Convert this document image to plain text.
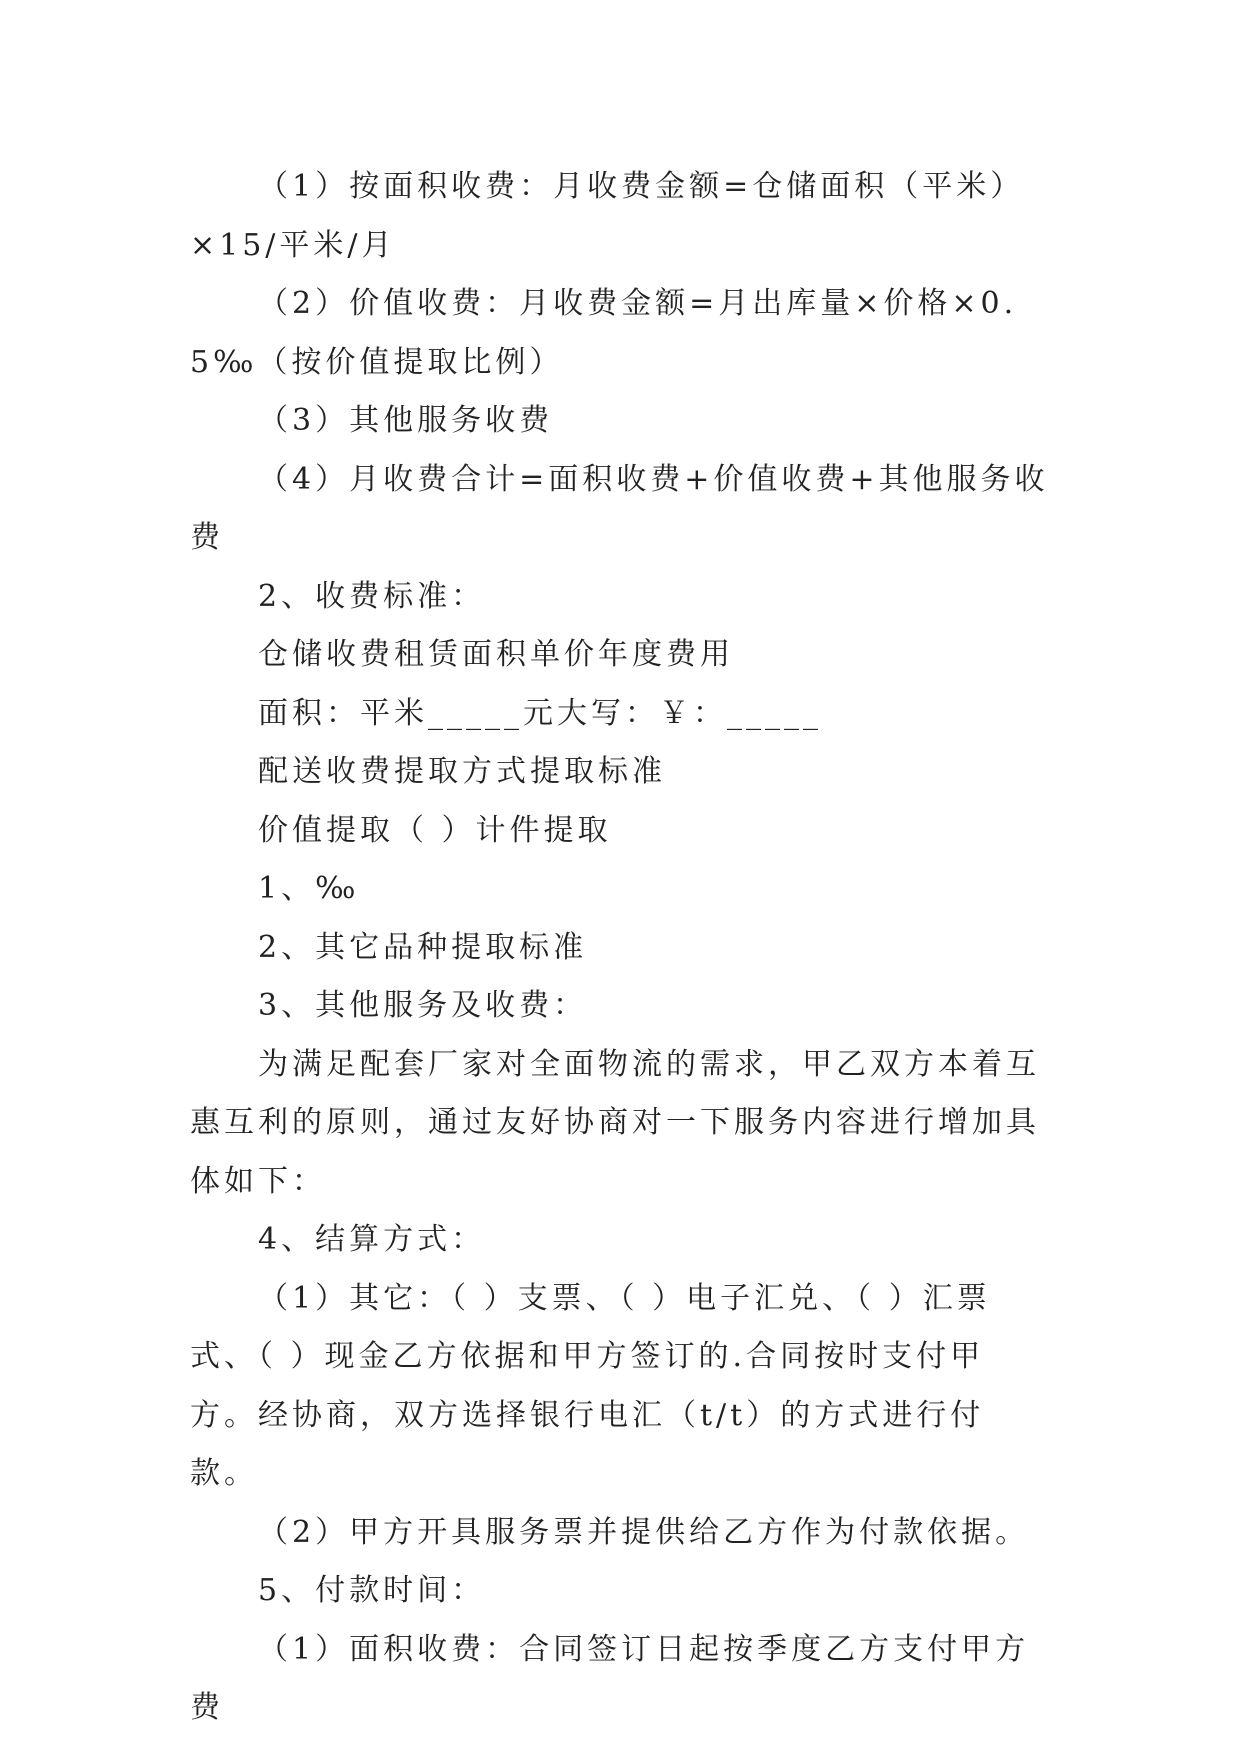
（1）按面积收费：月收费金额=仓储面积（平米）×15/平米/月

（2）价值收费：月收费金额=月出库量×价格×0.5‰（按价值提取比例）

（3）其他服务收费

（4）月收费合计=面积收费+价值收费+其他服务收费

2、收费标准：

仓储收费租赁面积单价年度费用

面积：平米_____元大写：￥：_____

配送收费提取方式提取标准

价值提取（ ）计件提取

1、‰

2、其它品种提取标准

3、其他服务及收费：

为满足配套厂家对全面物流的需求，甲乙双方本着互惠互利的原则，通过友好协商对一下服务内容进行增加具体如下：

4、结算方式：

（1）其它：（ ）支票、（ ）电子汇兑、（ ）汇票式、（ ）现金乙方依据和甲方签订的.合同按时支付甲方。经协商，双方选择银行电汇（t/t）的方式进行付款。

（2）甲方开具服务票并提供给乙方作为付款依据。

5、付款时间：

（1）面积收费：合同签订日起按季度乙方支付甲方费
